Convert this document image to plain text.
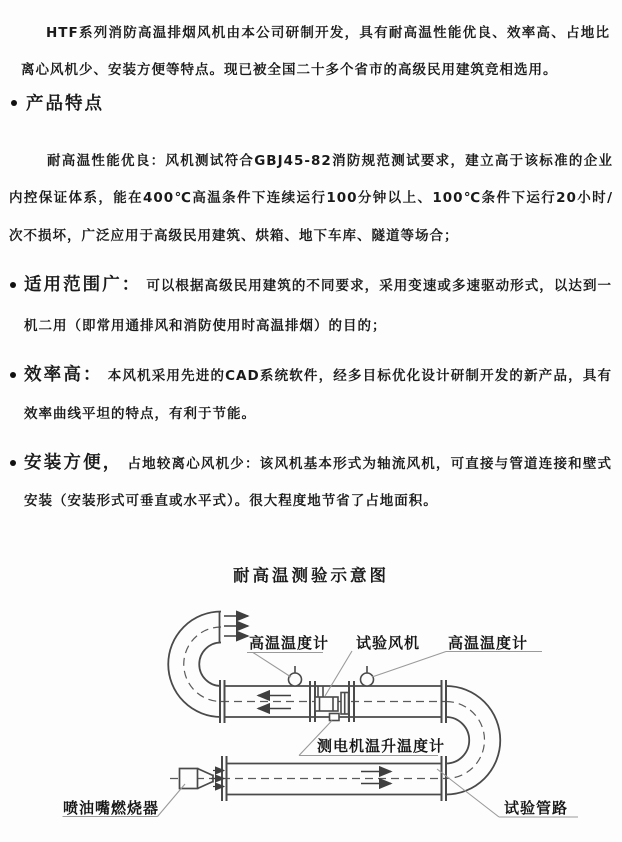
HTF系列消防高温排烟风机由本公司研制开发，具有耐高温性能优良、效率高、占地比离心风机少、安装方便等特点。现已被全国二十多个省市的高级民用建筑竞相选用。

产品特点

耐高温性能优良：风机测试符合GBJ45-82消防规范测试要求，建立高于该标准的企业内控保证体系，能在400℃高温条件下连续运行100分钟以上、100℃条件下运行20小时/次不损坏，广泛应用于高级民用建筑、烘箱、地下车库、隧道等场合；

适用范围广： 可以根据高级民用建筑的不同要求，采用变速或多速驱动形式，以达到一机二用（即常用通排风和消防使用时高温排烟）的目的；

效率高： 本风机采用先进的CAD系统软件，经多目标优化设计研制开发的新产品，具有效率曲线平坦的特点，有利于节能。

安装方便， 占地较离心风机少：该风机基本形式为轴流风机，可直接与管道连接和壁式安装（安装形式可垂直或水平式）。很大程度地节省了占地面积。

耐高温测验示意图
高温温度计 试验风机 高温温度计
测电机温升温度计
喷油嘴燃烧器	试验管路
